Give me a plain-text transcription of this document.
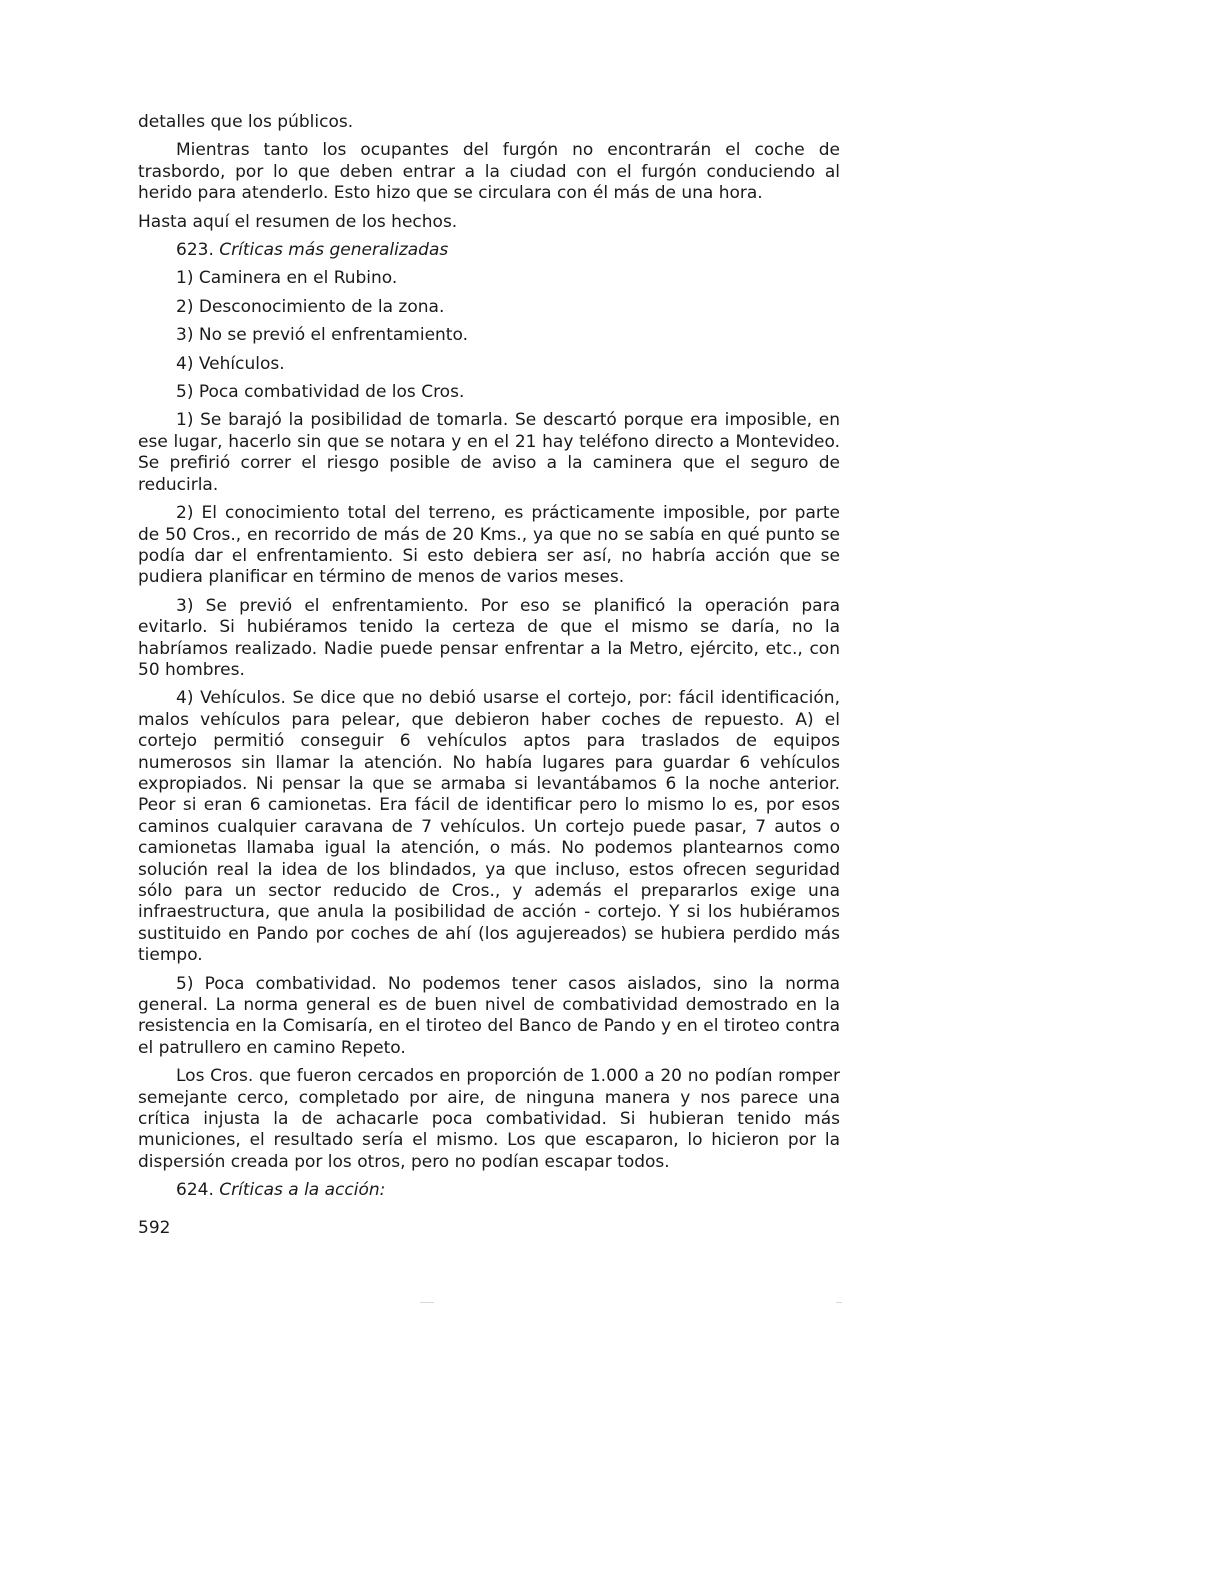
detalles que los públicos.

Mientras tanto los ocupantes del furgón no encontrarán el coche de trasbordo, por lo que deben entrar a la ciudad con el furgón conduciendo al herido para atenderlo. Esto hizo que se circulara con él más de una hora.

Hasta aquí el resumen de los hechos.

623. Críticas más generalizadas

1) Caminera en el Rubino.

2) Desconocimiento de la zona.

3) No se previó el enfrentamiento.

4) Vehículos.

5) Poca combatividad de los Cros.

1) Se barajó la posibilidad de tomarla. Se descartó porque era imposible, en ese lugar, hacerlo sin que se notara y en el 21 hay teléfono directo a Montevideo. Se prefirió correr el riesgo posible de aviso a la caminera que el seguro de reducirla.

2) El conocimiento total del terreno, es prácticamente imposible, por parte de 50 Cros., en recorrido de más de 20 Kms., ya que no se sabía en qué punto se podía dar el enfrentamiento. Si esto debiera ser así, no habría acción que se pudiera planificar en término de menos de varios meses.

3) Se previó el enfrentamiento. Por eso se planificó la operación para evitarlo. Si hubiéramos tenido la certeza de que el mismo se daría, no la habríamos realizado. Nadie puede pensar enfrentar a la Metro, ejército, etc., con 50 hombres.

4) Vehículos. Se dice que no debió usarse el cortejo, por: fácil identificación, malos vehículos para pelear, que debieron haber coches de repuesto. A) el cortejo permitió conseguir 6 vehículos aptos para traslados de equipos numerosos sin llamar la atención. No había lugares para guardar 6 vehículos expropiados. Ni pensar la que se armaba si levantábamos 6 la noche anterior. Peor si eran 6 camionetas. Era fácil de identificar pero lo mismo lo es, por esos caminos cualquier caravana de 7 vehículos. Un cortejo puede pasar, 7 autos o camionetas llamaba igual la atención, o más. No podemos plantearnos como solución real la idea de los blindados, ya que incluso, estos ofrecen seguridad sólo para un sector reducido de Cros., y además el prepararlos exige una infraestructura, que anula la posibilidad de acción - cortejo. Y si los hubiéramos sustituido en Pando por coches de ahí (los agujereados) se hubiera perdido más tiempo.

5) Poca combatividad. No podemos tener casos aislados, sino la norma general. La norma general es de buen nivel de combatividad demostrado en la resistencia en la Comisaría, en el tiroteo del Banco de Pando y en el tiroteo contra el patrullero en camino Repeto.

Los Cros. que fueron cercados en proporción de 1.000 a 20 no podían romper semejante cerco, completado por aire, de ninguna manera y nos parece una crítica injusta la de achacarle poca combatividad. Si hubieran tenido más municiones, el resultado sería el mismo. Los que escaparon, lo hicieron por la dispersión creada por los otros, pero no podían escapar todos.

624. Críticas a la acción:

592
